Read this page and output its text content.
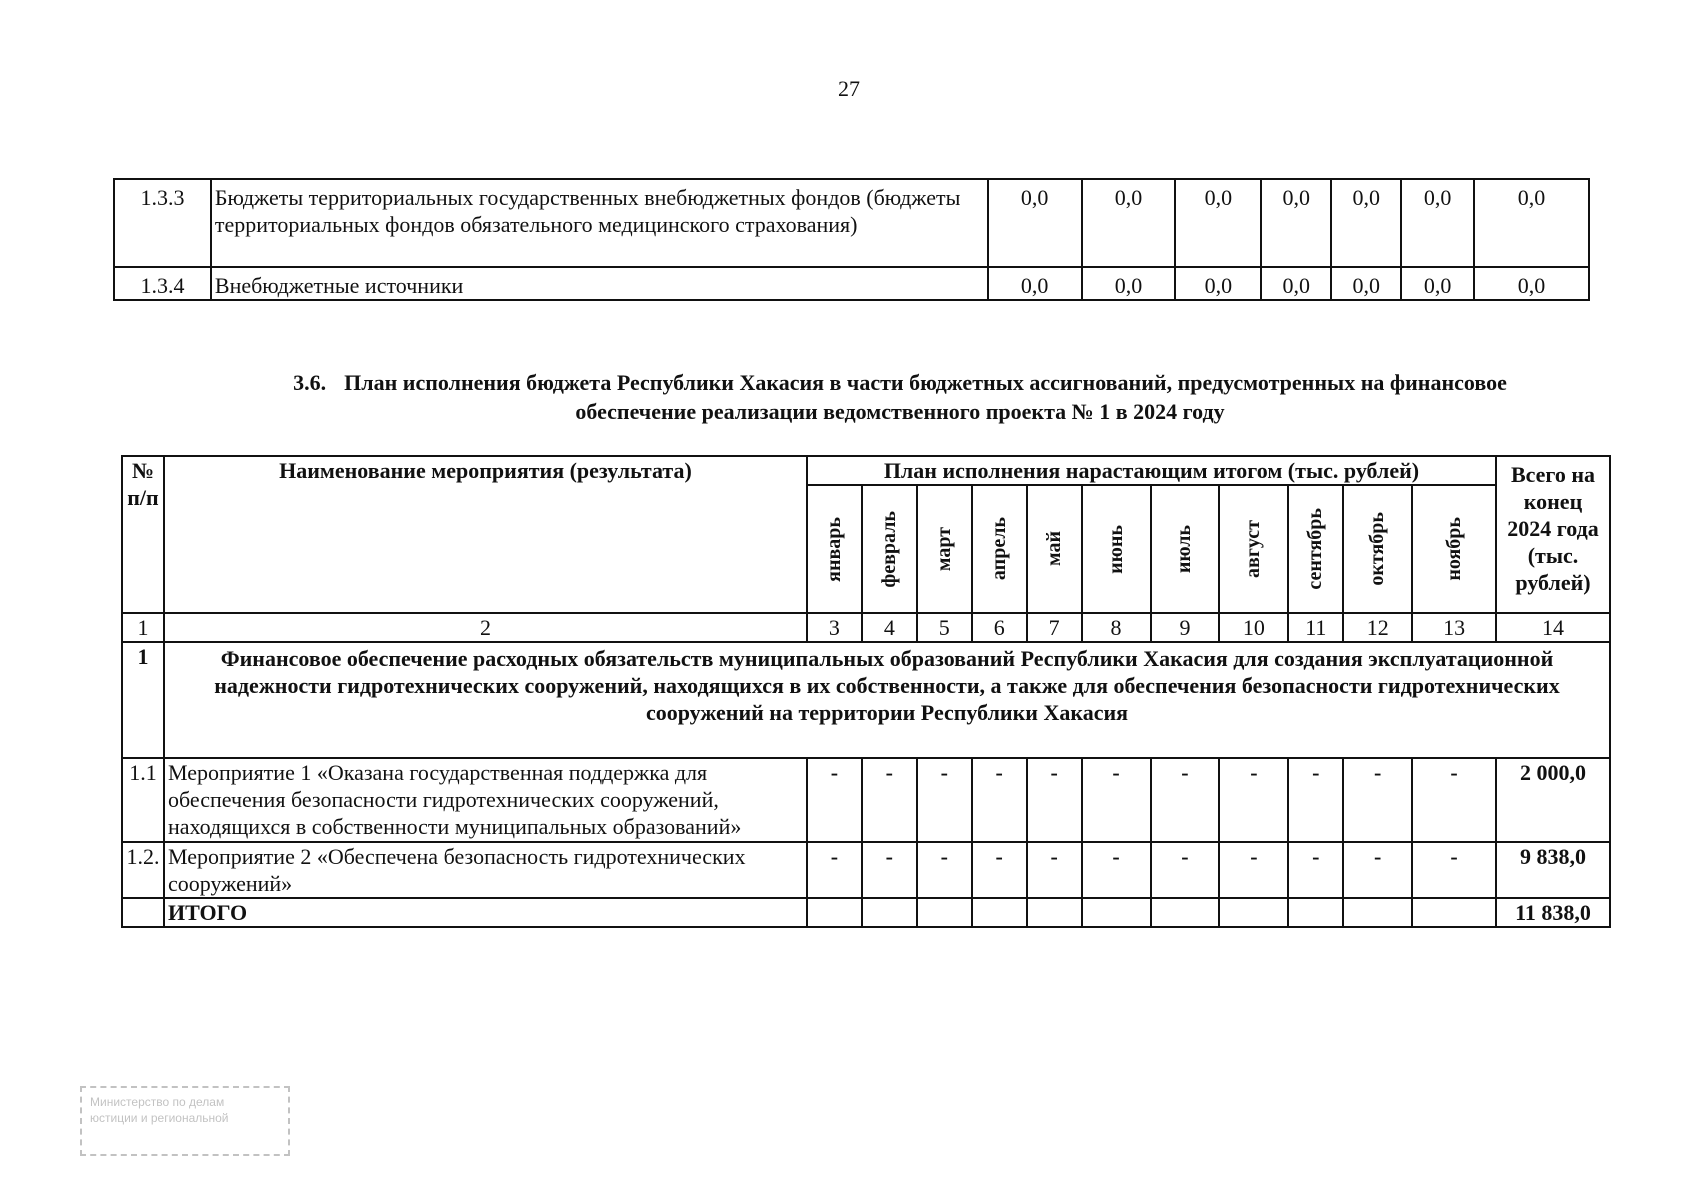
27
1.3.3	Бюджеты территориальных государственных внебюджетных фондов (бюджеты территориальных фондов обязательного медицинского страхования)	0,0	0,0	0,0	0,0	0,0	0,0	0,0
1.3.4	Внебюджетные источники	0,0	0,0	0,0	0,0	0,0	0,0	0,0
3.6. План исполнения бюджета Республики Хакасия в части бюджетных ассигнований, предусмотренных на финансовое
обеспечение реализации ведомственного проекта № 1 в 2024 году
№ п/п	Наименование мероприятия (результата)	План исполнения нарастающим итогом (тыс. рублей)											Всего на конец 2024 года (тыс. рублей)

		январь	февраль	март	апрель	май	июнь	июль	август	сентябрь	октябрь	ноябрь	

1	2	3	4	5	6	7	8	9	10	11	12	13	14
1	Финансовое обеспечение расходных обязательств муниципальных образований Республики Хакасия для создания эксплуатационной надежности гидротехнических сооружений, находящихся в их собственности, а также для обеспечения безопасности гидротехнических сооружений на территории Республики Хакасия												
1.1	Мероприятие 1 «Оказана государственная поддержка для обеспечения безопасности гидротехнических сооружений, находящихся в собственности муниципальных образований»	-	-	-	-	-	-	-	-	-	-	-	2 000,0
1.2.	Мероприятие 2 «Обеспечена безопасность гидротехнических сооружений»	-	-	-	-	-	-	-	-	-	-	-	9 838,0
	ИТОГО												11 838,0
Министерство по делам
юстиции и региональной
